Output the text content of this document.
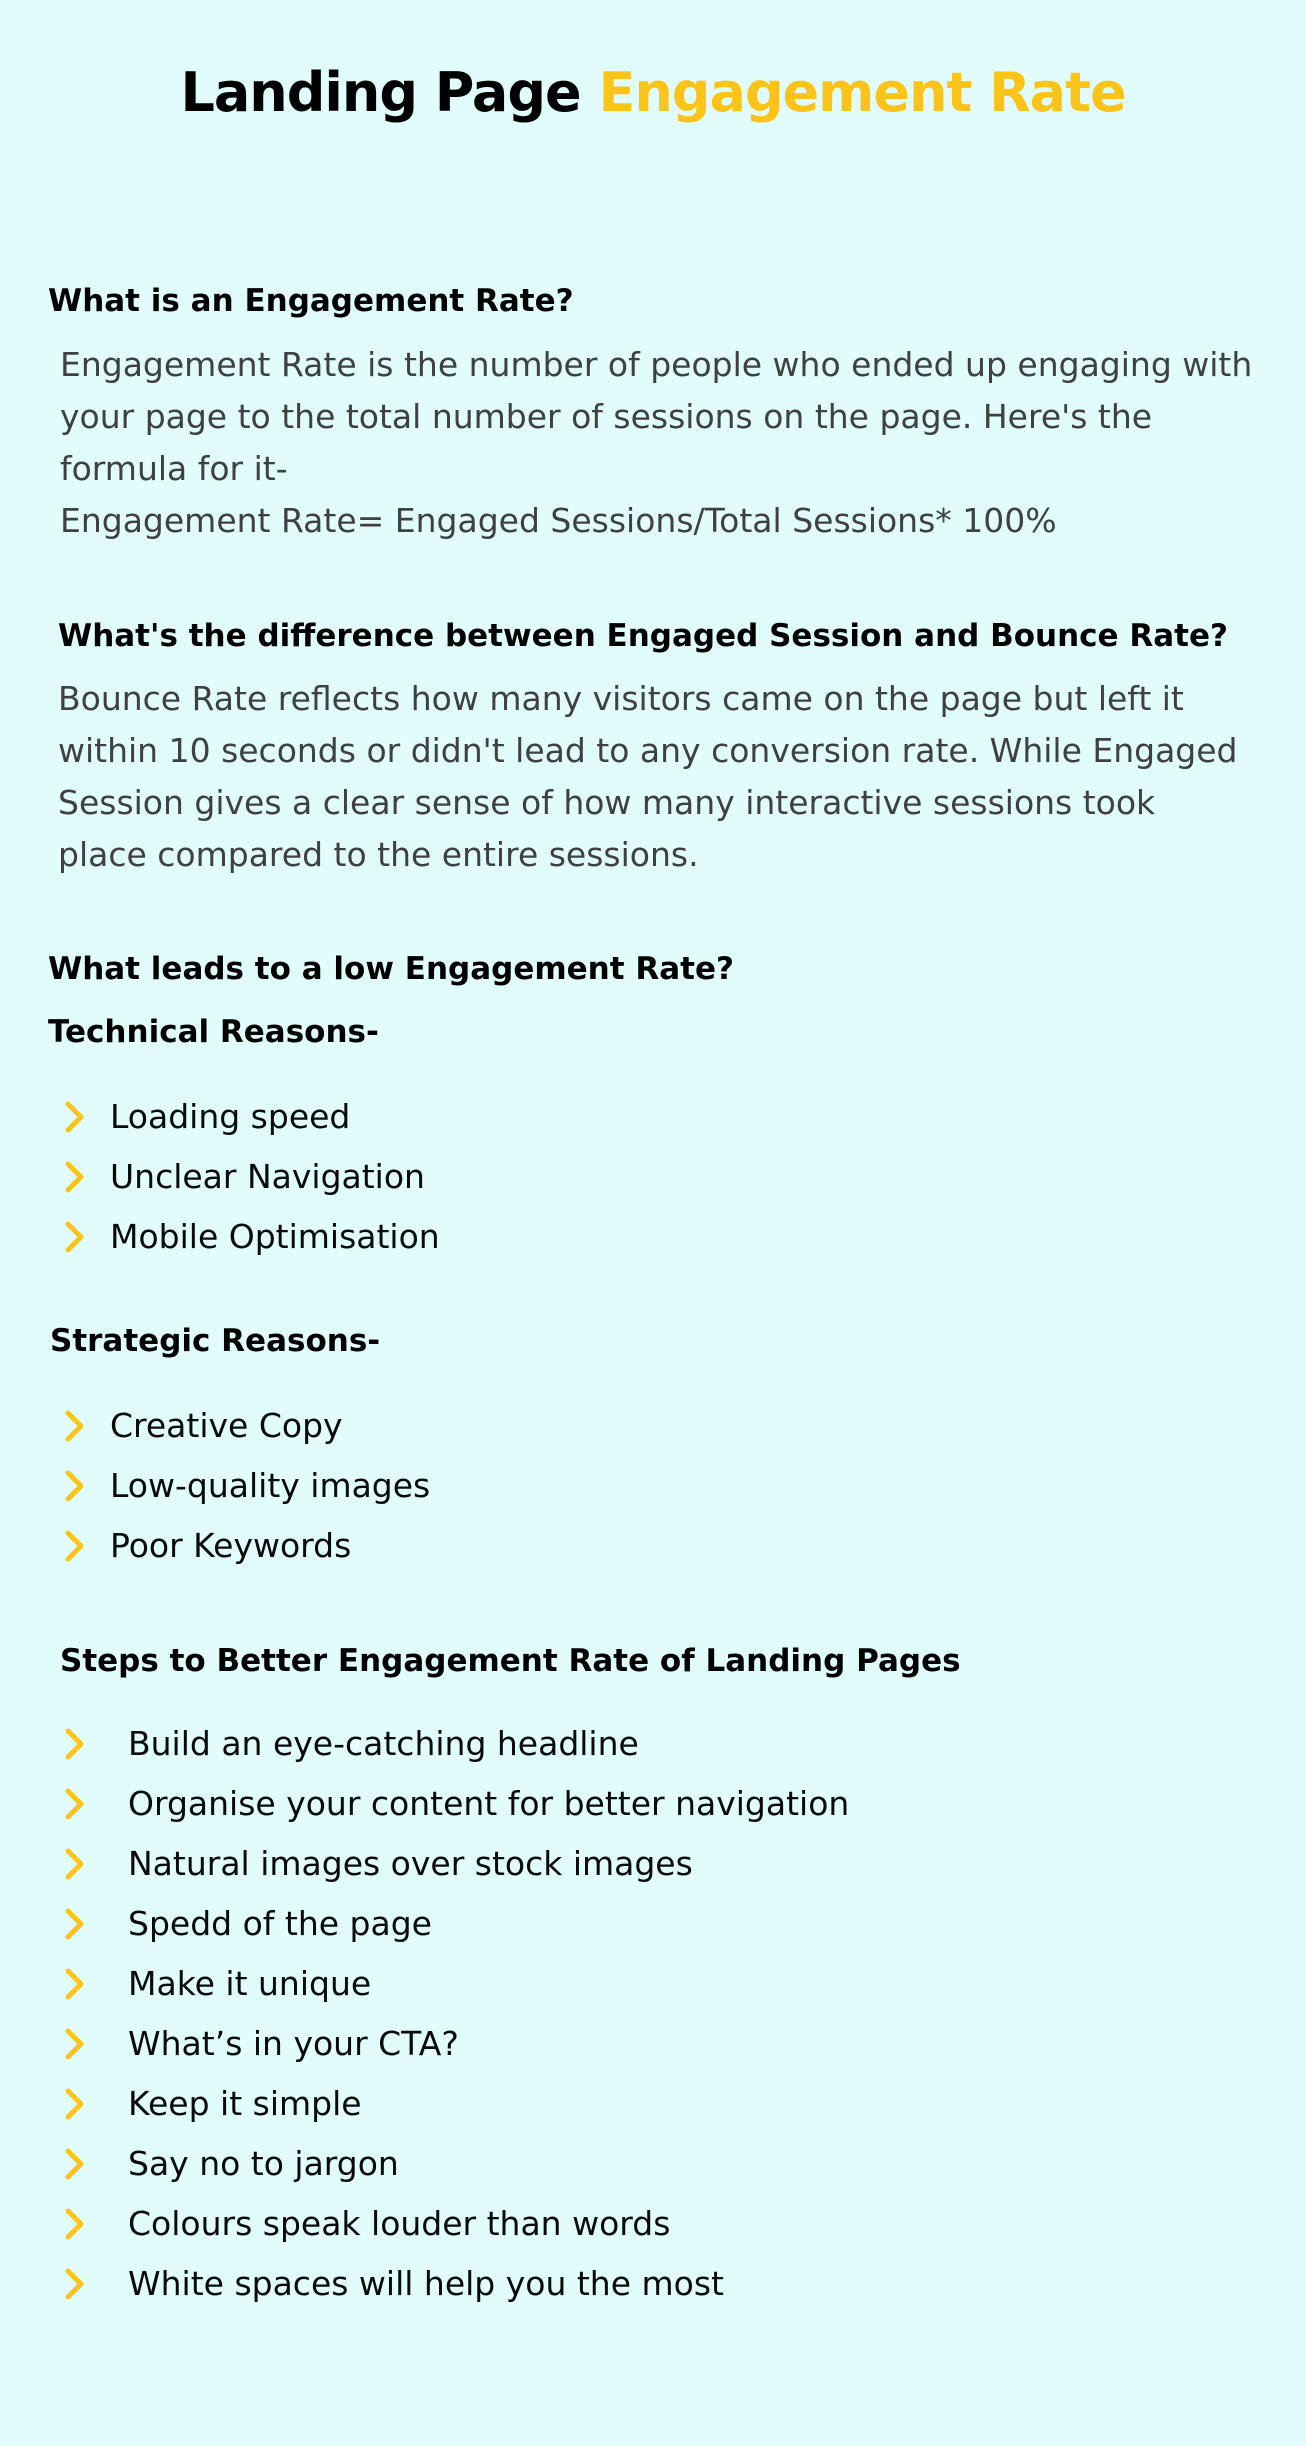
Landing Page Engagement Rate
What is an Engagement Rate?

Engagement Rate is the number of people who ended up engaging with your page to the total number of sessions on the page. Here's the formula for it-
Engagement Rate= Engaged Sessions/Total Sessions* 100%

What's the difference between Engaged Session and Bounce Rate?

Bounce Rate reflects how many visitors came on the page but left it within 10 seconds or didn't lead to any conversion rate. While Engaged Session gives a clear sense of how many interactive sessions took place compared to the entire sessions.

What leads to a low Engagement Rate?
Technical Reasons-
Loading speed
Unclear Navigation
Mobile Optimisation
Strategic Reasons-
Creative Copy
Low-quality images
Poor Keywords
Steps to Better Engagement Rate of Landing Pages
Build an eye-catching headline
Organise your content for better navigation
Natural images over stock images
Spedd of the page
Make it unique
What’s in your CTA?
Keep it simple
Say no to jargon
Colours speak louder than words
White spaces will help you the most
